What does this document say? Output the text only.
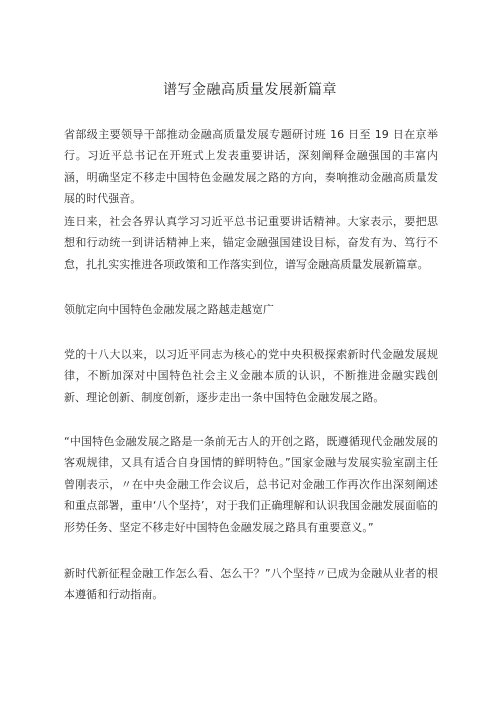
谱写金融高质量发展新篇章
省部级主要领导干部推动金融高质量发展专题研讨班 16 日至 19 日在京举行。习近平总书记在开班式上发表重要讲话，深刻阐释金融强国的丰富内涵，明确坚定不移走中国特色金融发展之路的方向，奏响推动金融高质量发展的时代强音。
连日来，社会各界认真学习习近平总书记重要讲话精神。大家表示，要把思想和行动统一到讲话精神上来，锚定金融强国建设目标，奋发有为、笃行不怠，扎扎实实推进各项政策和工作落实到位，谱写金融高质量发展新篇章。
领航定向中国特色金融发展之路越走越宽广
党的十八大以来，以习近平同志为核心的党中央积极探索新时代金融发展规律，不断加深对中国特色社会主义金融本质的认识，不断推进金融实践创新、理论创新、制度创新，逐步走出一条中国特色金融发展之路。
“中国特色金融发展之路是一条前无古人的开创之路，既遵循现代金融发展的客观规律，又具有适合自身国情的鲜明特色。”国家金融与发展实验室副主任曾刚表示，〃在中央金融工作会议后，总书记对金融工作再次作出深刻阐述和重点部署，重申‘八个坚持’，对于我们正确理解和认识我国金融发展面临的形势任务、坚定不移走好中国特色金融发展之路具有重要意义。”
新时代新征程金融工作怎么看、怎么干？”八个坚持〃已成为金融从业者的根本遵循和行动指南。
